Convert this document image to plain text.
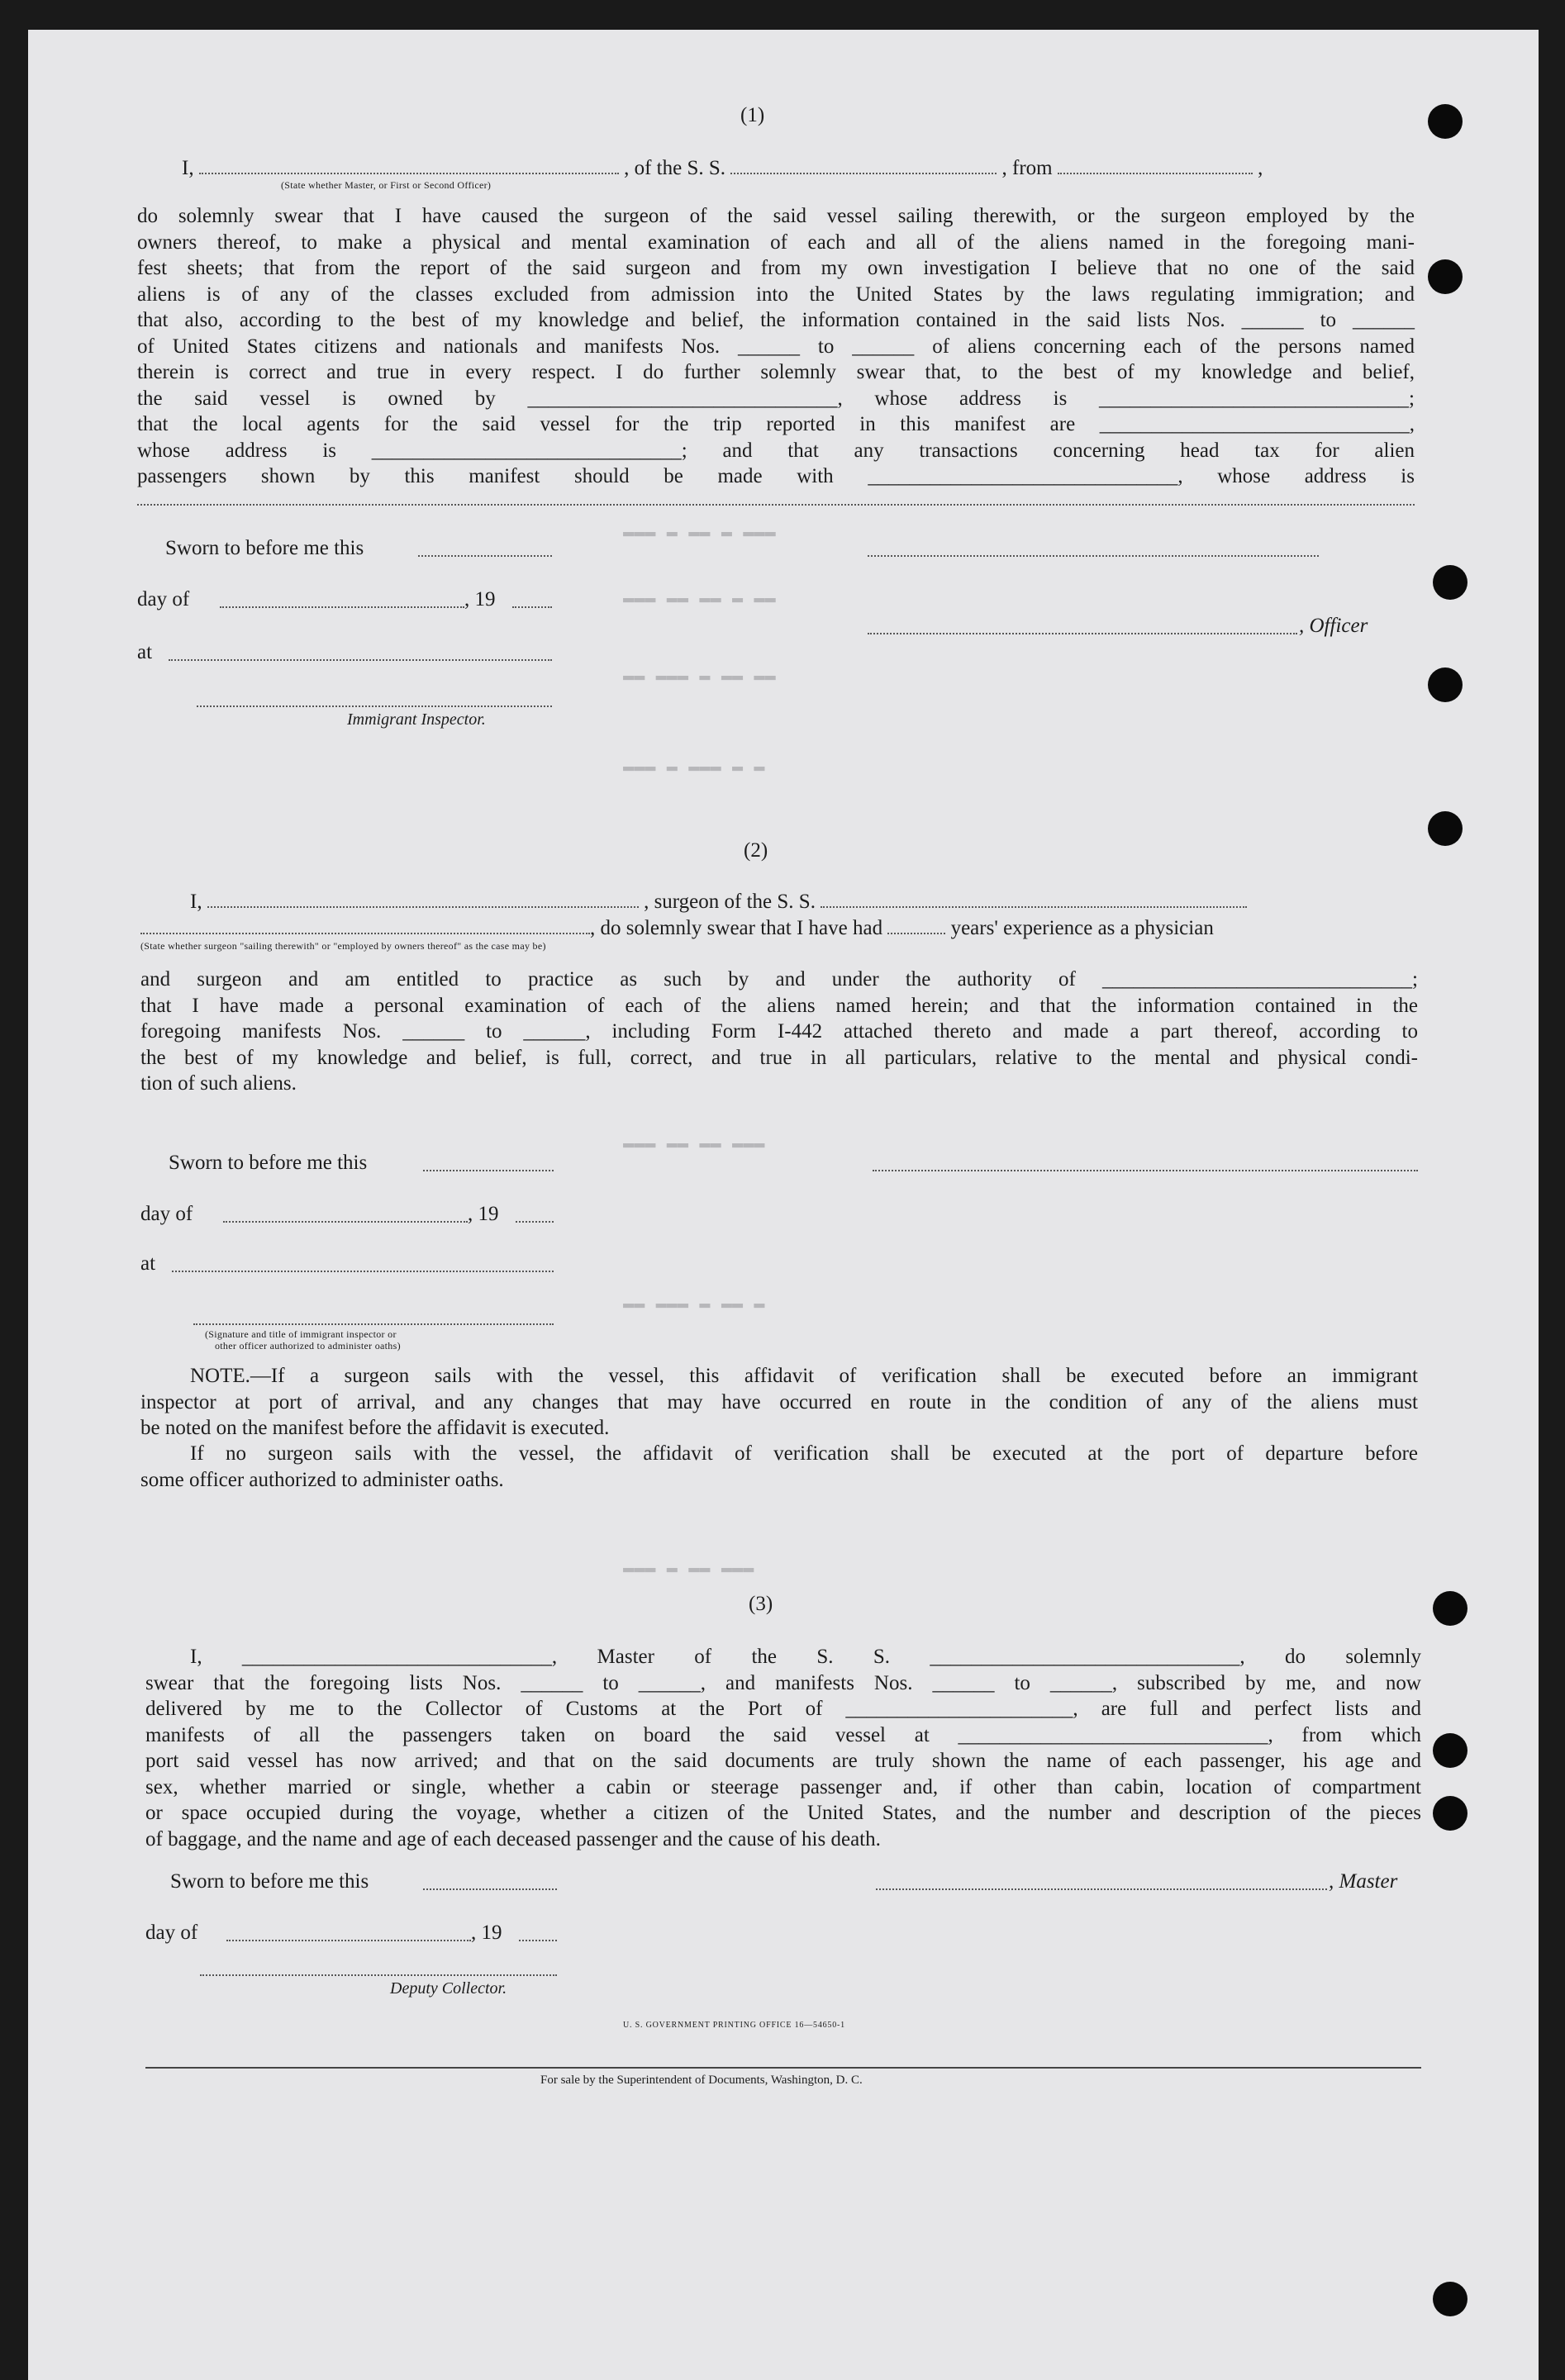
▬▬▬ ▬ ▬▬ ▬ ▬▬▬
▬▬▬ ▬▬ ▬▬ ▬ ▬▬
▬▬ ▬▬▬ ▬ ▬▬ ▬▬
▬▬▬ ▬ ▬▬▬ ▬ ▬
▬▬▬ ▬▬ ▬▬ ▬▬▬
▬▬ ▬▬▬ ▬ ▬▬ ▬
▬▬▬ ▬ ▬▬ ▬▬▬
(1)
I,	, of the S. S.	, from	,
(State whether Master, or First or Second Officer)
do solemnly swear that I have caused the surgeon of the said vessel sailing therewith, or the surgeon employed by the
owners thereof, to make a physical and mental examination of each and all of the aliens named in the foregoing mani-
fest sheets; that from the report of the said surgeon and from my own investigation I believe that no one of the said
aliens is of any of the classes excluded from admission into the United States by the laws regulating immigration; and
that also, according to the best of my knowledge and belief, the information contained in the said lists Nos. ______ to ______
of United States citizens and nationals and manifests Nos. ______ to ______ of aliens concerning each of the persons named
therein is correct and true in every respect. I do further solemnly swear that, to the best of my knowledge and belief,
the said vessel is owned by ______________________________, whose address is ______________________________;
that the local agents for the said vessel for the trip reported in this manifest are ______________________________,
whose address is ______________________________; and that any transactions concerning head tax for alien
passengers shown by this manifest should be made with ______________________________, whose address is
Sworn to before me this
day of	, 19
, Officer
at
Immigrant Inspector.
(2)
I,	, surgeon of the S. S.
, do solemnly swear that I have had	years' experience as a physician
(State whether surgeon "sailing therewith" or "employed by owners thereof" as the case may be)
and surgeon and am entitled to practice as such by and under the authority of ______________________________;
that I have made a personal examination of each of the aliens named herein; and that the information contained in the
foregoing manifests Nos. ______ to ______, including Form I-442 attached thereto and made a part thereof, according to
the best of my knowledge and belief, is full, correct, and true in all particulars, relative to the mental and physical condi-
tion of such aliens.
Sworn to before me this
day of	, 19
at
(Signature and title of immigrant inspector or
other officer authorized to administer oaths)
NOTE.—If a surgeon sails with the vessel, this affidavit of verification shall be executed before an immigrant
inspector at port of arrival, and any changes that may have occurred en route in the condition of any of the aliens must
be noted on the manifest before the affidavit is executed.
If no surgeon sails with the vessel, the affidavit of verification shall be executed at the port of departure before
some officer authorized to administer oaths.
(3)
I, ______________________________, Master of the S. S. ______________________________, do solemnly
swear that the foregoing lists Nos. ______ to ______, and manifests Nos. ______ to ______, subscribed by me, and now
delivered by me to the Collector of Customs at the Port of ______________________, are full and perfect lists and
manifests of all the passengers taken on board the said vessel at ______________________________, from which
port said vessel has now arrived; and that on the said documents are truly shown the name of each passenger, his age and
sex, whether married or single, whether a cabin or steerage passenger and, if other than cabin, location of compartment
or space occupied during the voyage, whether a citizen of the United States, and the number and description of the pieces
of baggage, and the name and age of each deceased passenger and the cause of his death.
Sworn to before me this	, Master
day of	, 19
Deputy Collector.
U. S. GOVERNMENT PRINTING OFFICE 16—54650-1
For sale by the Superintendent of Documents, Washington, D. C.
